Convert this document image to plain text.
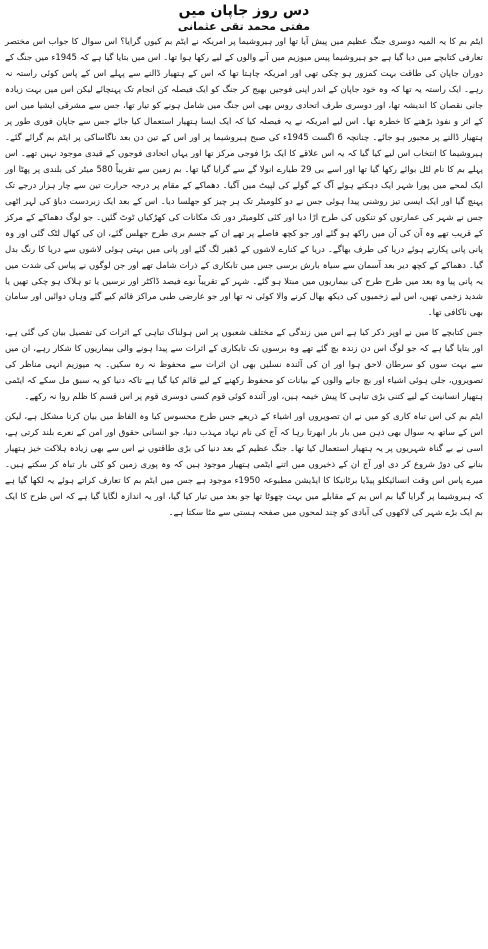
دس روز جاپان میں
مفتی محمد تقی عثمانی

ایٹم بم کا یہ المیہ دوسری جنگ عظیم میں پیش آیا تھا اور ہیروشیما پر امریکہ نے ایٹم بم کیوں گرایا؟ اس سوال کا جواب اس مختصر تعارفی کتابچے میں دیا گیا ہے جو ہیروشیما پیس میوزیم میں آنے والوں کے لیے رکھا ہوا تھا۔ اس میں بتایا گیا ہے کہ 1945ء میں جنگ کے دوران جاپان کی طاقت بہت کمزور ہو چکی تھی اور امریکہ چاہتا تھا کہ اس کے ہتھیار ڈالنے سے پہلے اس کے پاس کوئی راستہ نہ رہے۔ ایک راستہ یہ تھا کہ وہ خود جاپان کے اندر اپنی فوجیں بھیج کر جنگ کو ایک فیصلہ کن انجام تک پہنچائے لیکن اس میں بہت زیادہ جانی نقصان کا اندیشہ تھا، اور دوسری طرف اتحادی روس بھی اس جنگ میں شامل ہونے کو تیار تھا، جس سے مشرقی ایشیا میں اس کے اثر و نفوذ بڑھنے کا خطرہ تھا۔ اس لیے امریکہ نے یہ فیصلہ کیا کہ ایک ایسا ہتھیار استعمال کیا جائے جس سے جاپان فوری طور پر ہتھیار ڈالنے پر مجبور ہو جائے۔ چنانچہ 6 اگست 1945ء کی صبح ہیروشیما پر اور اس کے تین دن بعد ناگاساکی پر ایٹم بم گرائے گئے۔ ہیروشیما کا انتخاب اس لیے کیا گیا کہ یہ اس علاقے کا ایک بڑا فوجی مرکز تھا اور یہاں اتحادی فوجوں کے قیدی موجود نہیں تھے۔ اس پہلے بم کا نام لٹل بوائے رکھا گیا تھا اور اسے بی 29 طیارے انولا گے سے گرایا گیا تھا۔ بم زمین سے تقریباً 580 میٹر کی بلندی پر پھٹا اور ایک لمحے میں پورا شہر ایک دہکتے ہوئے آگ کے گولے کی لپیٹ میں آگیا۔ دھماکے کے مقام پر درجہ حرارت تین سے چار ہزار درجے تک پہنچ گیا اور ایک ایسی تیز روشنی پیدا ہوئی جس نے دو کلومیٹر تک ہر چیز کو جھلسا دیا۔ اس کے بعد ایک زبردست دباؤ کی لہر اٹھی جس نے شہر کی عمارتوں کو تنکوں کی طرح اڑا دیا اور کئی کلومیٹر دور تک مکانات کی کھڑکیاں ٹوٹ گئیں۔ جو لوگ دھماکے کے مرکز کے قریب تھے وہ آن کی آن میں راکھ ہو گئے اور جو کچھ فاصلے پر تھے ان کے جسم بری طرح جھلس گئے، ان کی کھال لٹک گئی اور وہ پانی پانی پکارتے ہوئے دریا کی طرف بھاگے۔ دریا کے کنارے لاشوں کے ڈھیر لگ گئے اور پانی میں بہتی ہوئی لاشوں سے دریا کا رنگ بدل گیا۔ دھماکے کے کچھ دیر بعد آسمان سے سیاہ بارش برسی جس میں تابکاری کے ذرات شامل تھے اور جن لوگوں نے پیاس کی شدت میں یہ پانی پیا وہ بعد میں طرح طرح کی بیماریوں میں مبتلا ہو گئے۔ شہر کے تقریباً نوے فیصد ڈاکٹر اور نرسیں یا تو ہلاک ہو چکی تھیں یا شدید زخمی تھیں، اس لیے زخمیوں کی دیکھ بھال کرنے والا کوئی نہ تھا اور جو عارضی طبی مراکز قائم کیے گئے وہاں دوائیں اور سامان بھی ناکافی تھا۔

جس کتابچے کا میں نے اوپر ذکر کیا ہے اس میں زندگی کے مختلف شعبوں پر اس ہولناک تباہی کے اثرات کی تفصیل بیان کی گئی ہے، اور بتایا گیا ہے کہ جو لوگ اس دن زندہ بچ گئے تھے وہ برسوں تک تابکاری کے اثرات سے پیدا ہونے والی بیماریوں کا شکار رہے، ان میں سے بہت سوں کو سرطان لاحق ہوا اور ان کی آئندہ نسلیں بھی ان اثرات سے محفوظ نہ رہ سکیں۔ یہ میوزیم انہی مناظر کی تصویروں، جلی ہوئی اشیاء اور بچ جانے والوں کے بیانات کو محفوظ رکھنے کے لیے قائم کیا گیا ہے تاکہ دنیا کو یہ سبق مل سکے کہ ایٹمی ہتھیار انسانیت کے لیے کتنی بڑی تباہی کا پیش خیمہ ہیں، اور آئندہ کوئی قوم کسی دوسری قوم پر اس قسم کا ظلم روا نہ رکھے۔

ایٹم بم کی اس تباہ کاری کو میں نے ان تصویروں اور اشیاء کے ذریعے جس طرح محسوس کیا وہ الفاظ میں بیان کرنا مشکل ہے، لیکن اس کے ساتھ یہ سوال بھی ذہن میں بار بار ابھرتا رہا کہ آج کی نام نہاد مہذب دنیا، جو انسانی حقوق اور امن کے نعرے بلند کرتی ہے، اسی نے بے گناہ شہریوں پر یہ ہتھیار استعمال کیا تھا۔ جنگ عظیم کے بعد دنیا کی بڑی طاقتوں نے اس سے بھی زیادہ ہلاکت خیز ہتھیار بنانے کی دوڑ شروع کر دی اور آج ان کے ذخیروں میں اتنے ایٹمی ہتھیار موجود ہیں کہ وہ پوری زمین کو کئی بار تباہ کر سکتے ہیں۔ میرے پاس اس وقت انسائیکلو پیڈیا برٹانیکا کا ایڈیشن مطبوعہ 1950ء موجود ہے جس میں ایٹم بم کا تعارف کراتے ہوئے یہ لکھا گیا ہے کہ ہیروشیما پر گرایا گیا بم اس بم کے مقابلے میں بہت چھوٹا تھا جو بعد میں تیار کیا گیا، اور یہ اندازہ لگایا گیا ہے کہ اس طرح کا ایک بم ایک بڑے شہر کی لاکھوں کی آبادی کو چند لمحوں میں صفحہ ہستی سے مٹا سکتا ہے۔
